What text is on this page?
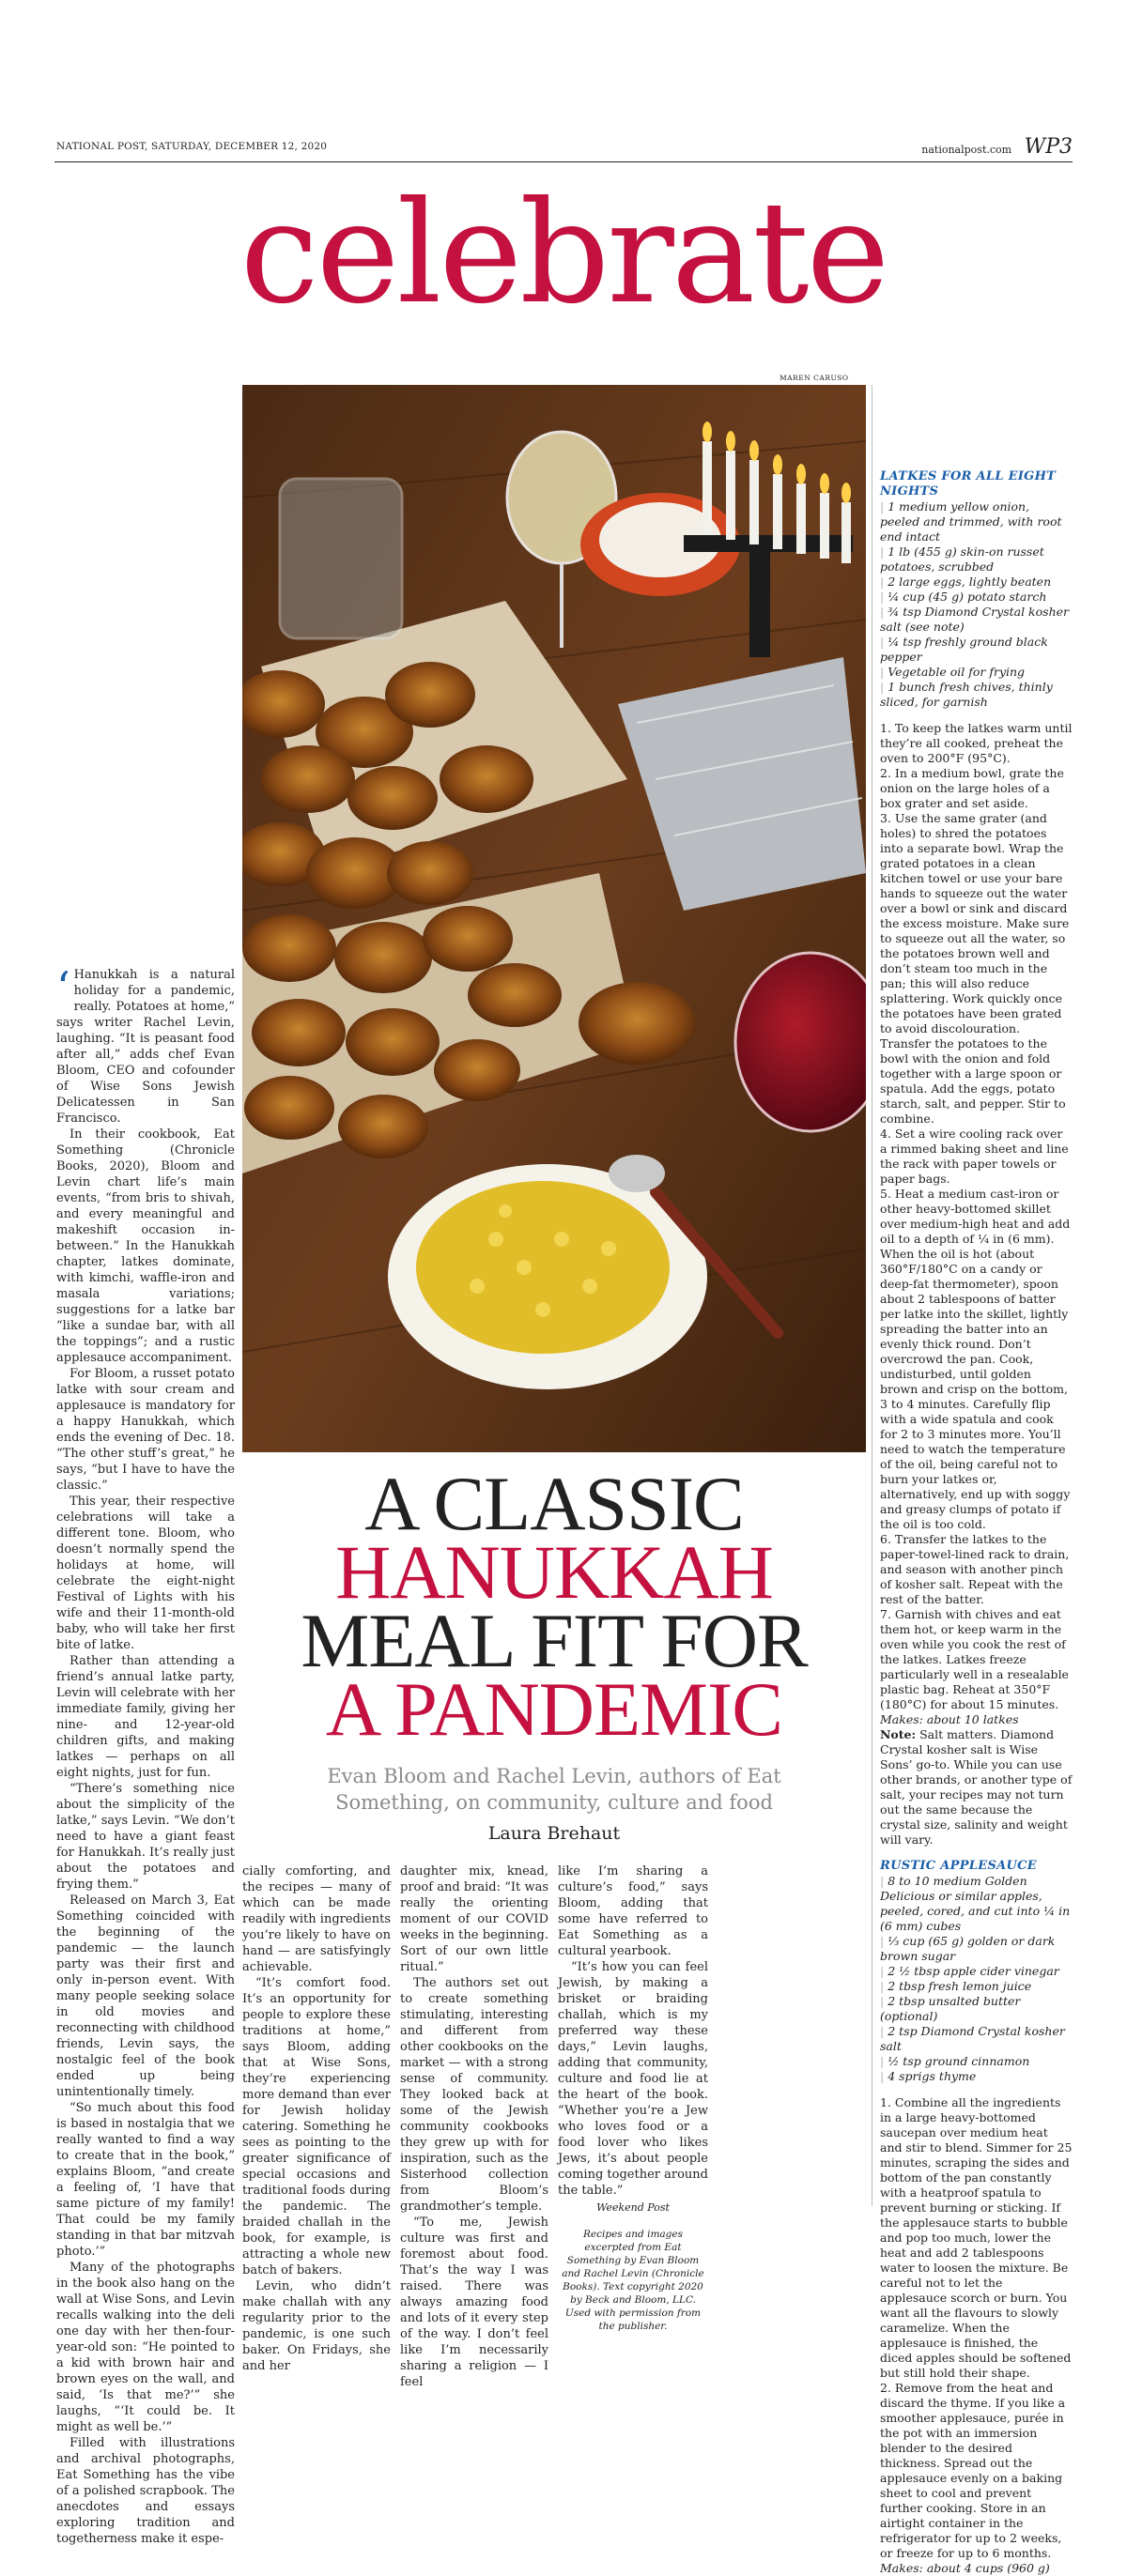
NATIONAL POST, SATURDAY, DECEMBER 12, 2020	nationalpost.com WP3
celebrate
MAREN CARUSO

‘ Hanukkah is a natural holiday for a pandemic, really. Potatoes at home,” says writer Rachel Levin, laughing. “It is peasant food after all,” adds chef Evan Bloom, CEO and cofounder of Wise Sons Jewish Delicatessen in San Francisco.

In their cookbook, Eat Something (Chronicle Books, 2020), Bloom and Levin chart life’s main events, “from bris to shivah, and every meaningful and makeshift occasion in-between.” In the Hanukkah chapter, latkes dominate, with kimchi, waffle-iron and masala variations; suggestions for a latke bar “like a sundae bar, with all the toppings”; and a rustic applesauce accompaniment.

For Bloom, a russet potato latke with sour cream and applesauce is mandatory for a happy Hanukkah, which ends the evening of Dec. 18. “The other stuff’s great,” he says, “but I have to have the classic.”

This year, their respective celebrations will take a different tone. Bloom, who doesn’t normally spend the holidays at home, will celebrate the eight-night Festival of Lights with his wife and their 11-month-old baby, who will take her first bite of latke.

Rather than attending a friend’s annual latke party, Levin will celebrate with her immediate family, giving her nine- and 12-year-old children gifts, and making latkes — perhaps on all eight nights, just for fun.

“There’s something nice about the simplicity of the latke,” says Levin. “We don’t need to have a giant feast for Hanukkah. It’s really just about the potatoes and frying them.”

Released on March 3, Eat Something coincided with the beginning of the pandemic — the launch party was their first and only in-person event. With many people seeking solace in old movies and reconnecting with childhood friends, Levin says, the nostalgic feel of the book ended up being unintentionally timely.

“So much about this food is based in nostalgia that we really wanted to find a way to create that in the book,” explains Bloom, “and create a feeling of, ‘I have that same picture of my family! That could be my family standing in that bar mitzvah photo.’”

Many of the photographs in the book also hang on the wall at Wise Sons, and Levin recalls walking into the deli one day with her then-four-year-old son: “He pointed to a kid with brown hair and brown eyes on the wall, and said, ‘Is that me?’” she laughs, “‘It could be. It might as well be.’”

Filled with illustrations and archival photographs, Eat Something has the vibe of a polished scrapbook. The anecdotes and essays exploring tradition and togetherness make it espe-

A CLASSIC
HANUKKAH
MEAL FIT FOR
A PANDEMIC
Evan Bloom and Rachel Levin, authors of Eat Something, on community, culture and food
Laura Brehaut

cially comforting, and the recipes — many of which can be made readily with ingredients you’re likely to have on hand — are satisfyingly achievable.

“It’s comfort food. It’s an opportunity for people to explore these traditions at home,” says Bloom, adding that at Wise Sons, they’re experiencing more demand than ever for Jewish holiday catering. Something he sees as pointing to the greater significance of special occasions and traditional foods during the pandemic. The braided challah in the book, for example, is attracting a whole new batch of bakers.

Levin, who didn’t make challah with any regularity prior to the pandemic, is one such baker. On Fridays, she and her

daughter mix, knead, proof and braid: “It was really the orienting moment of our COVID weeks in the beginning. Sort of our own little ritual.”

The authors set out to create something stimulating, interesting and different from other cookbooks on the market — with a strong sense of community. They looked back at some of the Jewish community cookbooks they grew up with for inspiration, such as the Sisterhood collection from Bloom’s grandmother’s temple.

“To me, Jewish culture was first and foremost about food. That’s the way I was raised. There was always amazing food and lots of it every step of the way. I don’t feel like I’m necessarily sharing a religion — I feel

like I’m sharing a culture’s food,” says Bloom, adding that some have referred to Eat Something as a cultural yearbook.

“It’s how you can feel Jewish, by making a brisket or braiding challah, which is my preferred way these days,” Levin laughs, adding that community, culture and food lie at the heart of the book. “Whether you’re a Jew who loves food or a food lover who likes Jews, it’s about people coming together around the table.”

Weekend Post

Recipes and images excerpted from Eat Something by Evan Bloom and Rachel Levin (Chronicle Books). Text copyright 2020 by Beck and Bloom, LLC. Used with permission from the publisher.

LATKES FOR ALL EIGHT NIGHTS
| 1 medium yellow onion, peeled and trimmed, with root end intact
| 1 lb (455 g) skin-on russet potatoes, scrubbed
| 2 large eggs, lightly beaten
| ¼ cup (45 g) potato starch
| ¾ tsp Diamond Crystal kosher salt (see note)
| ¼ tsp freshly ground black pepper
| Vegetable oil for frying
| 1 bunch fresh chives, thinly sliced, for garnish

1. To keep the latkes warm until they’re all cooked, preheat the oven to 200°F (95°C).

2. In a medium bowl, grate the onion on the large holes of a box grater and set aside.

3. Use the same grater (and holes) to shred the potatoes into a separate bowl. Wrap the grated potatoes in a clean kitchen towel or use your bare hands to squeeze out the water over a bowl or sink and discard the excess moisture. Make sure to squeeze out all the water, so the potatoes brown well and don’t steam too much in the pan; this will also reduce splattering. Work quickly once the potatoes have been grated to avoid discolouration. Transfer the potatoes to the bowl with the onion and fold together with a large spoon or spatula. Add the eggs, potato starch, salt, and pepper. Stir to combine.

4. Set a wire cooling rack over a rimmed baking sheet and line the rack with paper towels or paper bags.

5. Heat a medium cast-iron or other heavy-bottomed skillet over medium-high heat and add oil to a depth of ¼ in (6 mm). When the oil is hot (about 360°F/180°C on a candy or deep-fat thermometer), spoon about 2 tablespoons of batter per latke into the skillet, lightly spreading the batter into an evenly thick round. Don’t overcrowd the pan. Cook, undisturbed, until golden brown and crisp on the bottom, 3 to 4 minutes. Carefully flip with a wide spatula and cook for 2 to 3 minutes more. You’ll need to watch the temperature of the oil, being careful not to burn your latkes or, alternatively, end up with soggy and greasy clumps of potato if the oil is too cold.

6. Transfer the latkes to the paper-towel-lined rack to drain, and season with another pinch of kosher salt. Repeat with the rest of the batter.

7. Garnish with chives and eat them hot, or keep warm in the oven while you cook the rest of the latkes. Latkes freeze particularly well in a resealable plastic bag. Reheat at 350°F (180°C) for about 15 minutes.

Makes: about 10 latkes

Note: Salt matters. Diamond Crystal kosher salt is Wise Sons’ go-to. While you can use other brands, or another type of salt, your recipes may not turn out the same because the crystal size, salinity and weight will vary.

RUSTIC APPLESAUCE
| 8 to 10 medium Golden Delicious or similar apples, peeled, cored, and cut into ¼ in (6 mm) cubes
| ⅓ cup (65 g) golden or dark brown sugar
| 2 ½ tbsp apple cider vinegar
| 2 tbsp fresh lemon juice
| 2 tbsp unsalted butter (optional)
| 2 tsp Diamond Crystal kosher salt
| ½ tsp ground cinnamon
| 4 sprigs thyme

1. Combine all the ingredients in a large heavy-bottomed saucepan over medium heat and stir to blend. Simmer for 25 minutes, scraping the sides and bottom of the pan constantly with a heatproof spatula to prevent burning or sticking. If the applesauce starts to bubble and pop too much, lower the heat and add 2 tablespoons water to loosen the mixture. Be careful not to let the applesauce scorch or burn. You want all the flavours to slowly caramelize. When the applesauce is finished, the diced apples should be softened but still hold their shape.

2. Remove from the heat and discard the thyme. If you like a smoother applesauce, purée in the pot with an immersion blender to the desired thickness. Spread out the applesauce evenly on a baking sheet to cool and prevent further cooking. Store in an airtight container in the refrigerator for up to 2 weeks, or freeze for up to 6 months.

Makes: about 4 cups (960 g)
